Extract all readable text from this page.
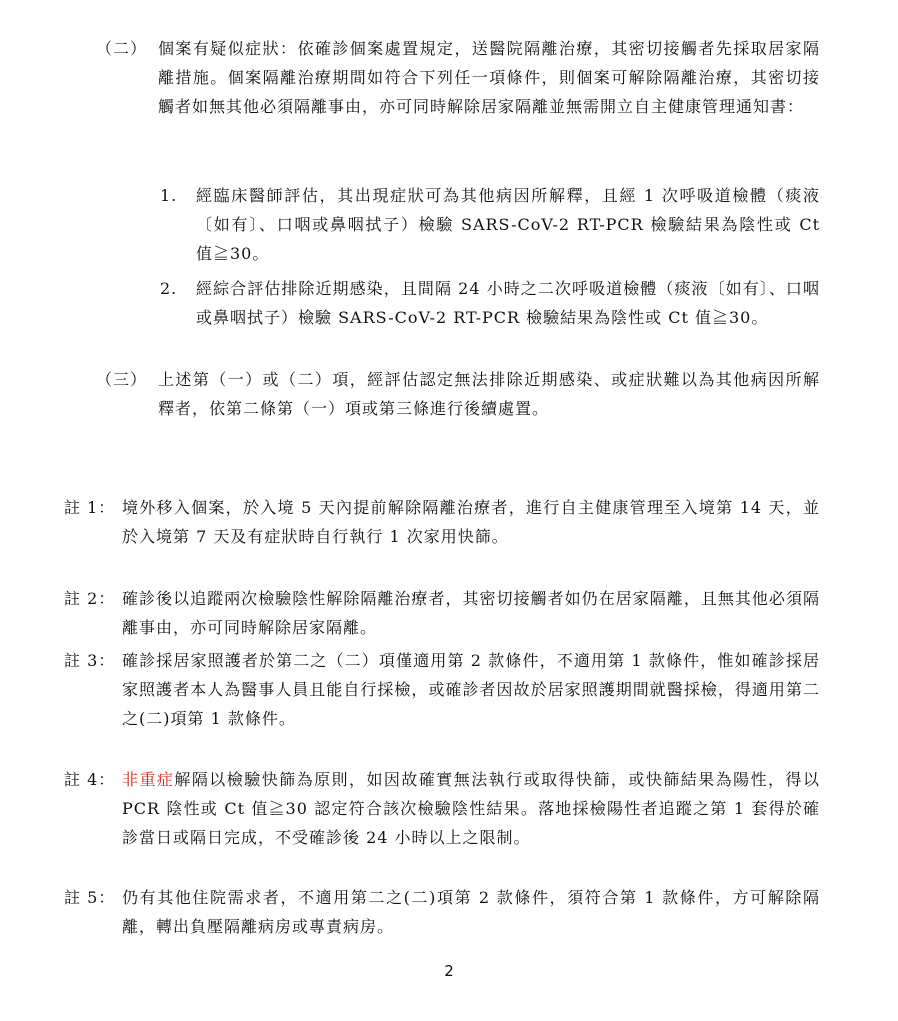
（二） 個案有疑似症狀：依確診個案處置規定，送醫院隔離治療，其密切接觸者先採取居家隔離措施。個案隔離治療期間如符合下列任一項條件，則個案可解除隔離治療，其密切接觸者如無其他必須隔離事由，亦可同時解除居家隔離並無需開立自主健康管理通知書：
1. 經臨床醫師評估，其出現症狀可為其他病因所解釋，且經 1 次呼吸道檢體（痰液〔如有〕、口咽或鼻咽拭子）檢驗 SARS-CoV-2 RT-PCR 檢驗結果為陰性或 Ct 值≧30。
2. 經綜合評估排除近期感染，且間隔 24 小時之二次呼吸道檢體（痰液〔如有〕、口咽或鼻咽拭子）檢驗 SARS-CoV-2 RT-PCR 檢驗結果為陰性或 Ct 值≧30。
（三） 上述第（一）或（二）項，經評估認定無法排除近期感染、或症狀難以為其他病因所解釋者，依第二條第（一）項或第三條進行後續處置。
註 1： 境外移入個案，於入境 5 天內提前解除隔離治療者，進行自主健康管理至入境第 14 天，並於入境第 7 天及有症狀時自行執行 1 次家用快篩。
註 2： 確診後以追蹤兩次檢驗陰性解除隔離治療者，其密切接觸者如仍在居家隔離，且無其他必須隔離事由，亦可同時解除居家隔離。
註 3： 確診採居家照護者於第二之（二）項僅適用第 2 款條件，不適用第 1 款條件，惟如確診採居家照護者本人為醫事人員且能自行採檢，或確診者因故於居家照護期間就醫採檢，得適用第二之(二)項第 1 款條件。
註 4： 非重症解隔以檢驗快篩為原則，如因故確實無法執行或取得快篩，或快篩結果為陽性，得以 PCR 陰性或 Ct 值≧30 認定符合該次檢驗陰性結果。落地採檢陽性者追蹤之第 1 套得於確診當日或隔日完成，不受確診後 24 小時以上之限制。
註 5： 仍有其他住院需求者，不適用第二之(二)項第 2 款條件，須符合第 1 款條件，方可解除隔離，轉出負壓隔離病房或專責病房。
2
